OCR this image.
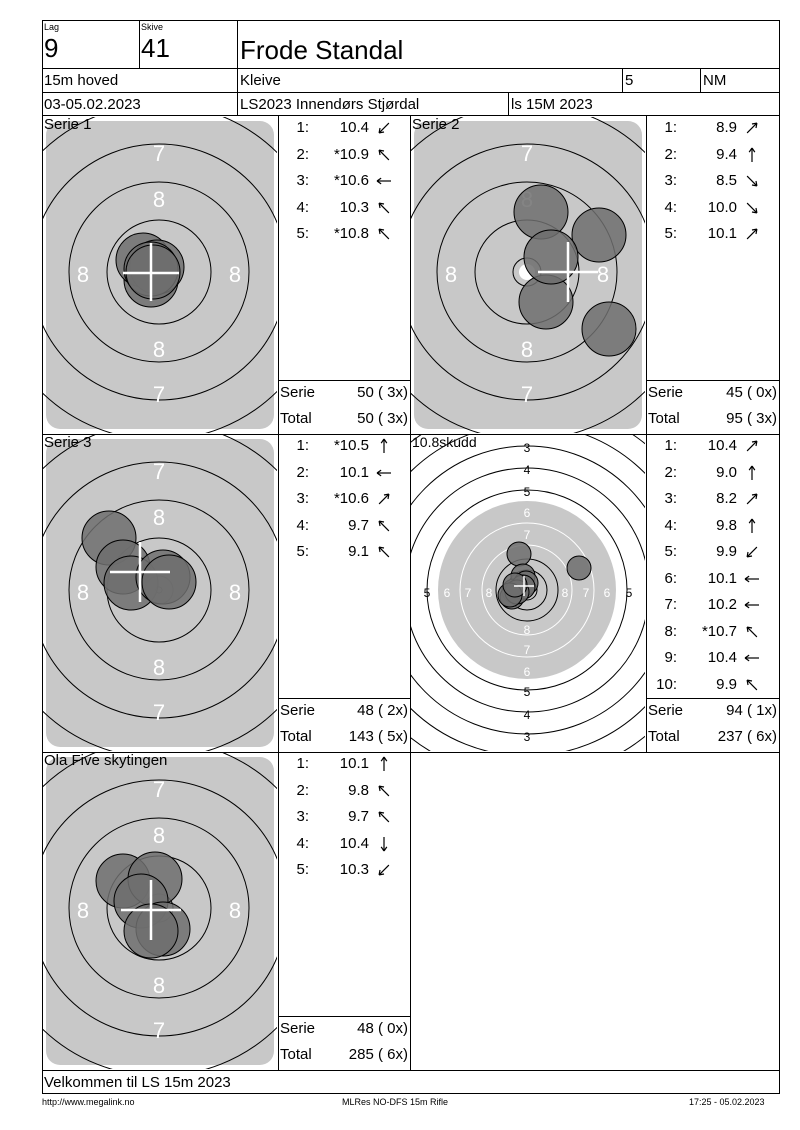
Lag
9
Skive
41	Frode Standal
15m hoved	Kleive	5	NM
03-05.02.2023	LS2023 Innendørs Stjørdal	ls 15M 2023
Velkommen til LS 15m 2023
http://www.megalink.no	MLRes NO-DFS 15m Rifle	17:25 - 05.02.2023
7
8
8
7
8	8
7
8
7
8	8
7
8
8
7
8	8
3
4
5
5
4
3
5	5
6
7
8
7
6
6 7 8	8 7 6
7
8
8
7
8	8
Serie 1	Serie 2
Serie 3	10.8skudd
Ola Five skytingen
1:	10.4
2:	*10.9
3:	*10.6
4:	10.3
5:	*10.8
1:	8.9
2:	9.4
3:	8.5
4:	10.0
5:	10.1
1:	*10.5
2:	10.1
3:	*10.6
4:	9.7
5:	9.1
1:	10.4
2:	9.0
3:	8.2
4:	9.8
5:	9.9
6:	10.1
7:	10.2
8:	*10.7
9:	10.4
10:	9.9
1:	10.1
2:	9.8
3:	9.7
4:	10.4
5:	10.3
Serie	50 ( 3x)
Total	50 ( 3x)
Serie	45 ( 0x)
Total	95 ( 3x)
Serie	48 ( 2x)
Total 143 ( 5x)
Serie	94 ( 1x)
Total	237 ( 6x)
Serie	48 ( 0x)
Total 285 ( 6x)
